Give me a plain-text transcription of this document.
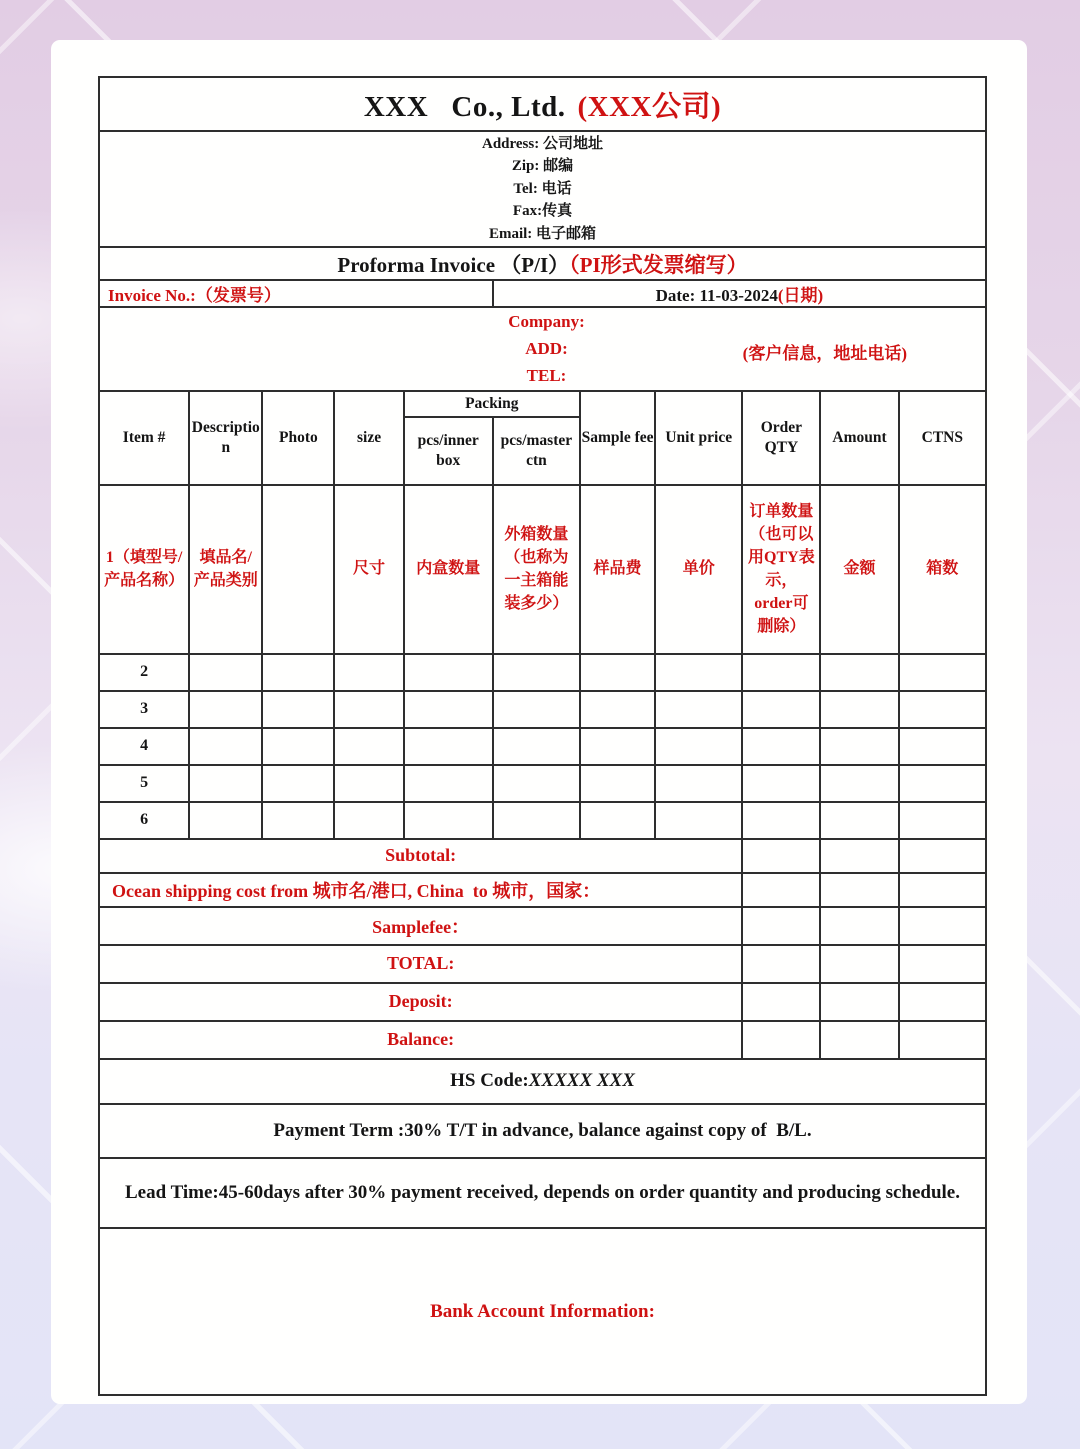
XXX   Co., Ltd. (XXX公司)										

Address: 公司地址
Zip: 邮编
Tel: 电话
Fax:传真
Email: 电子邮箱										

Proforma Invoice （P/I）（PI形式发票缩写）										
Invoice No.:（发票号）					Date: 11-03-2024(日期)					

Company:
ADD:
TEL:
(客户信息，地址电话)										

Item #	Description	Photo	size	Packing		Sample fee	Unit price	Order QTY	Amount	CTNS
				pcs/inner box	pcs/master ctn					
1（填型号/产品名称）	填品名/产品类别		尺寸	内盒数量	外箱数量（也称为一主箱能装多少）	样品费	单价	订单数量（也可以用QTY表示，order可删除）	金额	箱数
2										
3										
4										
5										
6										
Subtotal:										
Ocean shipping cost from 城市名/港口, China  to 城市，国家：										
Samplefee：										
TOTAL:										
Deposit:										
Balance:										
HS Code:XXXXX XXX										
Payment Term :30% T/T in advance, balance against copy of  B/L.										
Lead Time:45-60days after 30% payment received, depends on order quantity and producing schedule.										
Bank Account Information:										
